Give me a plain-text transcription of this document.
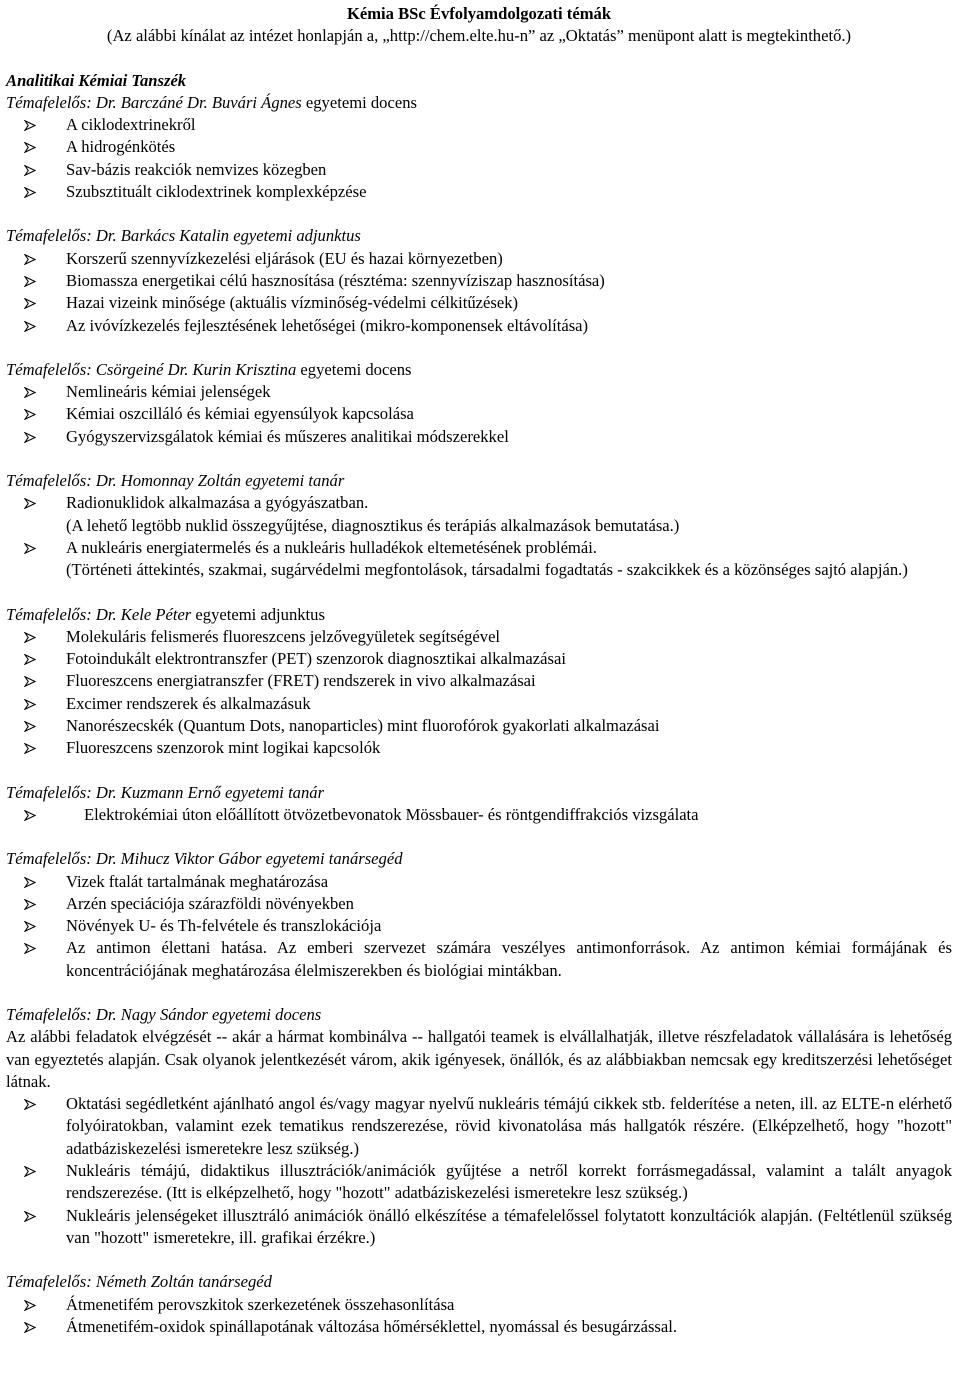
Kémia BSc Évfolyamdolgozati témák
(Az alábbi kínálat az intézet honlapján a, „http://chem.elte.hu-n” az „Oktatás” menüpont alatt is megtekinthető.)
Analitikai Kémiai Tanszék
Témafelelős: Dr. Barczáné Dr. Buvári Ágnes egyetemi docens
A ciklodextrinekről
A hidrogénkötés
Sav-bázis reakciók nemvizes közegben
Szubsztituált ciklodextrinek komplexképzése
Témafelelős: Dr. Barkács Katalin egyetemi adjunktus
Korszerű szennyvízkezelési eljárások (EU és hazai környezetben)
Biomassza energetikai célú hasznosítása (résztéma: szennyvíziszap hasznosítása)
Hazai vizeink minősége (aktuális vízminőség-védelmi célkitűzések)
Az ivóvízkezelés fejlesztésének lehetőségei (mikro-komponensek eltávolítása)
Témafelelős: Csörgeiné Dr. Kurin Krisztina egyetemi docens
Nemlineáris kémiai jelenségek
Kémiai oszcilláló és kémiai egyensúlyok kapcsolása
Gyógyszervizsgálatok kémiai és műszeres analitikai módszerekkel
Témafelelős: Dr. Homonnay Zoltán egyetemi tanár
Radionuklidok alkalmazása a gyógyászatban.
(A lehető legtöbb nuklid összegyűjtése, diagnosztikus és terápiás alkalmazások bemutatása.)
A nukleáris energiatermelés és a nukleáris hulladékok eltemetésének problémái.
(Történeti áttekintés, szakmai, sugárvédelmi megfontolások, társadalmi fogadtatás - szakcikkek és a közönséges sajtó alapján.)
Témafelelős: Dr. Kele Péter egyetemi adjunktus
Molekuláris felismerés fluoreszcens jelzővegyületek segítségével
Fotoindukált elektrontranszfer (PET) szenzorok diagnosztikai alkalmazásai
Fluoreszcens energiatranszfer (FRET) rendszerek in vivo alkalmazásai
Excimer rendszerek és alkalmazásuk
Nanorészecskék (Quantum Dots, nanoparticles) mint fluorofórok gyakorlati alkalmazásai
Fluoreszcens szenzorok mint logikai kapcsolók
Témafelelős: Dr. Kuzmann Ernő egyetemi tanár
Elektrokémiai úton előállított ötvözetbevonatok Mössbauer- és röntgendiffrakciós vizsgálata
Témafelelős: Dr. Mihucz Viktor Gábor egyetemi tanársegéd
Vizek ftalát tartalmának meghatározása
Arzén speciációja szárazföldi növényekben
Növények U- és Th-felvétele és transzlokációja
Az antimon élettani hatása. Az emberi szervezet számára veszélyes antimonforrások. Az antimon kémiai formájának és koncentrációjának meghatározása élelmiszerekben és biológiai mintákban.
Témafelelős: Dr. Nagy Sándor egyetemi docens
Az alábbi feladatok elvégzését -- akár a hármat kombinálva -- hallgatói teamek is elvállalhatják, illetve részfeladatok vállalására is lehetőség van egyeztetés alapján. Csak olyanok jelentkezését várom, akik igényesek, önállók, és az alábbiakban nemcsak egy kreditszerzési lehetőséget látnak.
Oktatási segédletként ajánlható angol és/vagy magyar nyelvű nukleáris témájú cikkek stb. felderítése a neten, ill. az ELTE-n elérhető folyóiratokban, valamint ezek tematikus rendszerezése, rövid kivonatolása más hallgatók részére. (Elképzelhető, hogy "hozott" adatbáziskezelési ismeretekre lesz szükség.)
Nukleáris témájú, didaktikus illusztrációk/animációk gyűjtése a netről korrekt forrásmegadással, valamint a talált anyagok rendszerezése. (Itt is elképzelhető, hogy "hozott" adatbáziskezelési ismeretekre lesz szükség.)
Nukleáris jelenségeket illusztráló animációk önálló elkészítése a témafelelőssel folytatott konzultációk alapján. (Feltétlenül szükség van "hozott" ismeretekre, ill. grafikai érzékre.)
Témafelelős: Németh Zoltán tanársegéd
Átmenetifém perovszkitok szerkezetének összehasonlítása
Átmenetifém-oxidok spinállapotának változása hőmérséklettel, nyomással és besugárzással.
